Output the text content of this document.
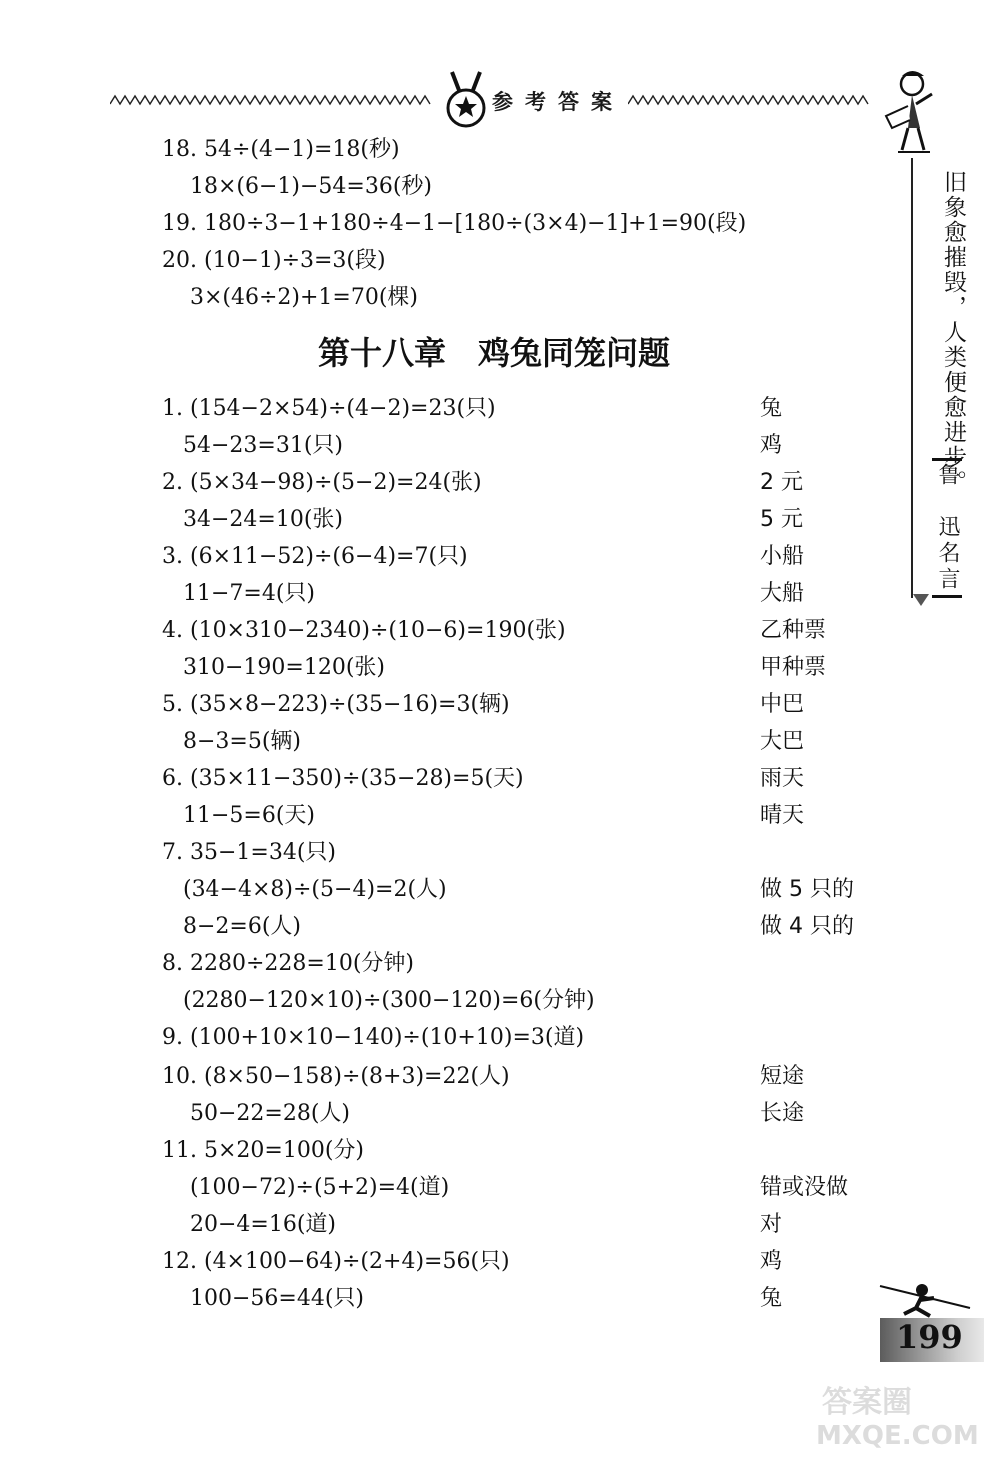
参考答案
旧象愈摧毁，人类便愈进步。
鲁　迅名言
18. 54÷(4−1)=18(秒)
18×(6−1)−54=36(秒)
19. 180÷3−1+180÷4−1−[180÷(3×4)−1]+1=90(段)
20. (10−1)÷3=3(段)
3×(46÷2)+1=70(棵)
第十八章　鸡兔同笼问题
1. (154−2×54)÷(4−2)=23(只)	兔
54−23=31(只)	鸡
2. (5×34−98)÷(5−2)=24(张)	2 元
34−24=10(张)	5 元
3. (6×11−52)÷(6−4)=7(只)	小船
11−7=4(只)	大船
4. (10×310−2340)÷(10−6)=190(张)	乙种票
310−190=120(张)	甲种票
5. (35×8−223)÷(35−16)=3(辆)	中巴
8−3=5(辆)	大巴
6. (35×11−350)÷(35−28)=5(天)	雨天
11−5=6(天)	晴天
7. 35−1=34(只)
(34−4×8)÷(5−4)=2(人)	做 5 只的
8−2=6(人)	做 4 只的
8. 2280÷228=10(分钟)
(2280−120×10)÷(300−120)=6(分钟)
9. (100+10×10−140)÷(10+10)=3(道)
10. (8×50−158)÷(8+3)=22(人)	短途
50−22=28(人)	长途
11. 5×20=100(分)
(100−72)÷(5+2)=4(道)	错或没做
20−4=16(道)	对
12. (4×100−64)÷(2+4)=56(只)	鸡
100−56=44(只)	兔
199
答案圈
MXQE.COM
